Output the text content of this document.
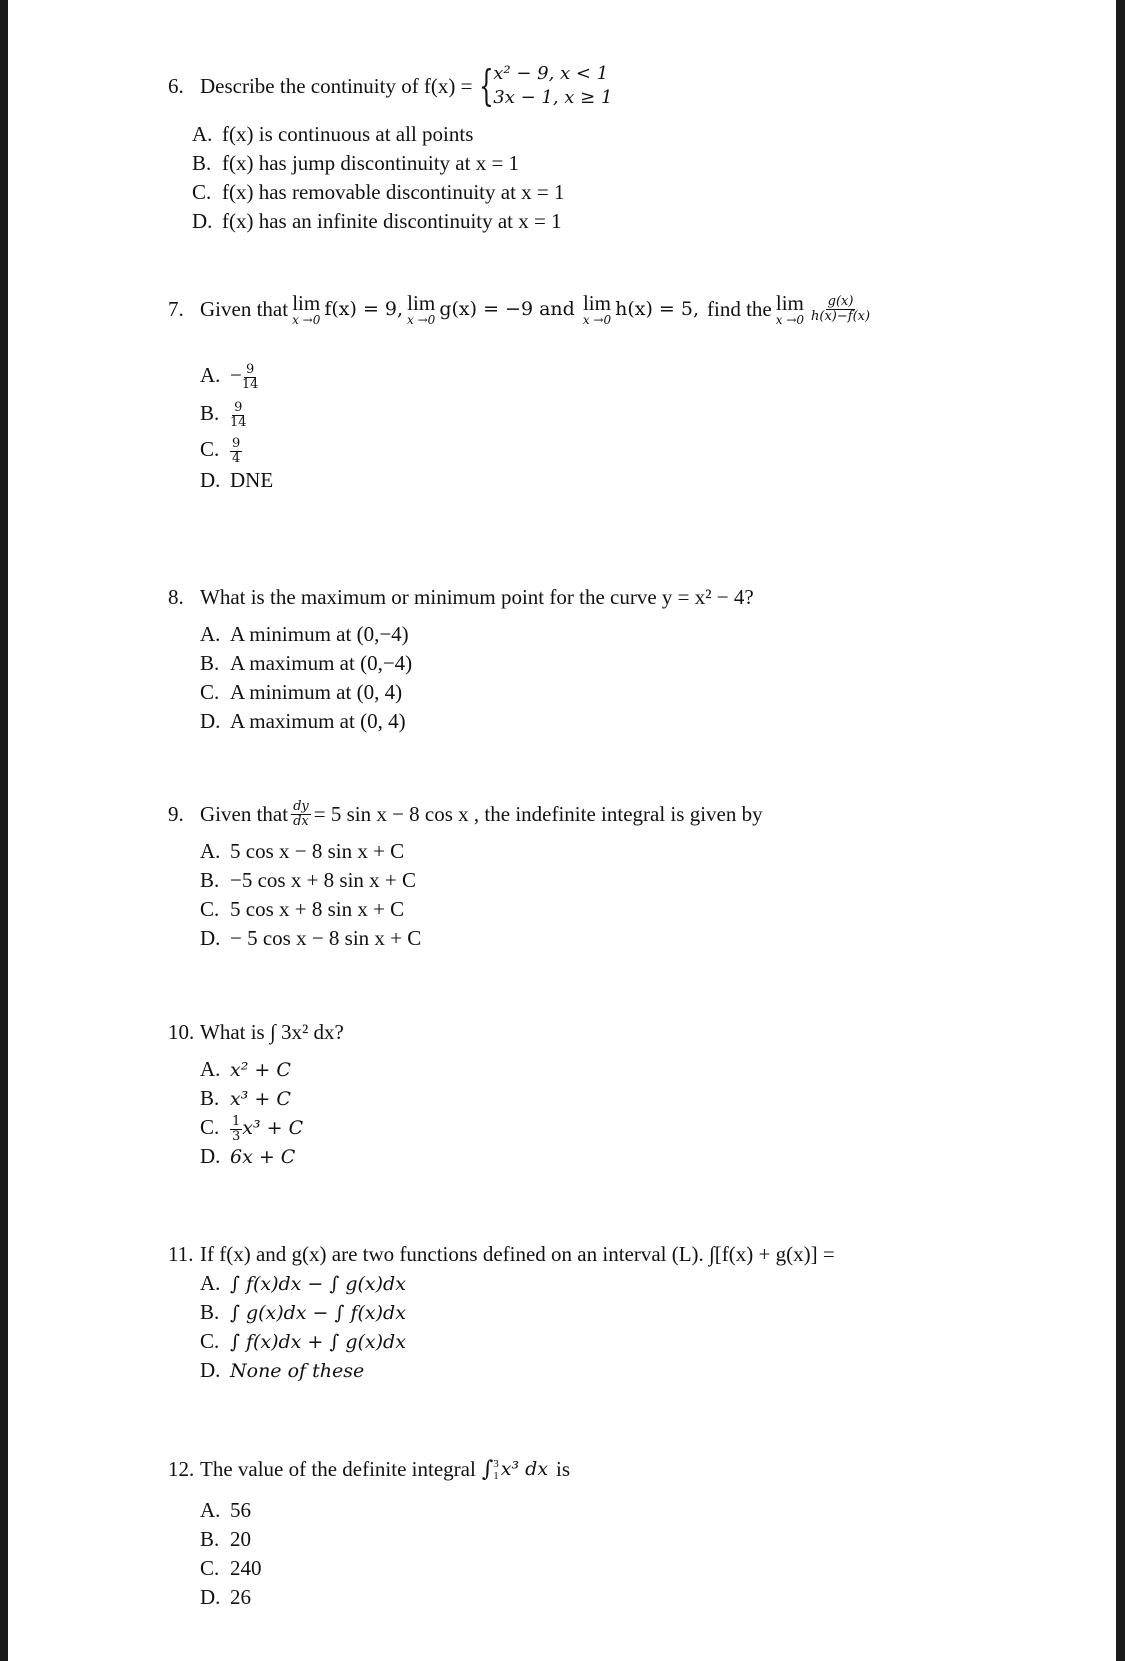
6. Describe the continuity of f(x) = { x² − 9, x < 1
3x − 1, x ≥ 1
A. f(x) is continuous at all points
B. f(x) has jump discontinuity at x = 1
C. f(x) has removable discontinuity at x = 1
D. f(x) has an infinite discontinuity at x = 1
7. Given that lim
x →0
f(x) = 9, lim
x →0
g(x) = −9 and lim
x →0
h(x) = 5, find the lim
$x \to 0 \frac{g(x)}{h(x)-f(x)}$
A. − $\frac{9}{14}$
B. $\frac{9}{14}$
C. $\frac{9}{4}$
D. DNE
8. What is the maximum or minimum point for the curve y = x² − 4?
A. A minimum at (0,−4)
B. A maximum at (0,−4)
C. A minimum at (0, 4)
D. A maximum at (0, 4)
9. Given that $\frac{dy}{dx} = 5$ sin x − 8 cos x , the indefinite integral is given by
A. 5 cos x − 8 sin x + C
B. −5 cos x + 8 sin x + C
C. 5 cos x + 8 sin x + C
D. − 5 cos x − 8 sin x + C
10. What is ∫ 3x² dx?
A. x² + C
B. x³ + C
C. $\frac{1}{3} x^3 + C$
D. 6x + C
11. If f(x) and g(x) are two functions defined on an interval (L). ∫[f(x) + g(x)] =
A. ∫ f(x)dx − ∫ g(x)dx
B. ∫ g(x)dx − ∫ f(x)dx
C. ∫ f(x)dx + ∫ g(x)dx
D. None of these
12. The value of the definite integral ∫ 3
1 x³ dx is
A. 56
B. 20
C. 240
D. 26
